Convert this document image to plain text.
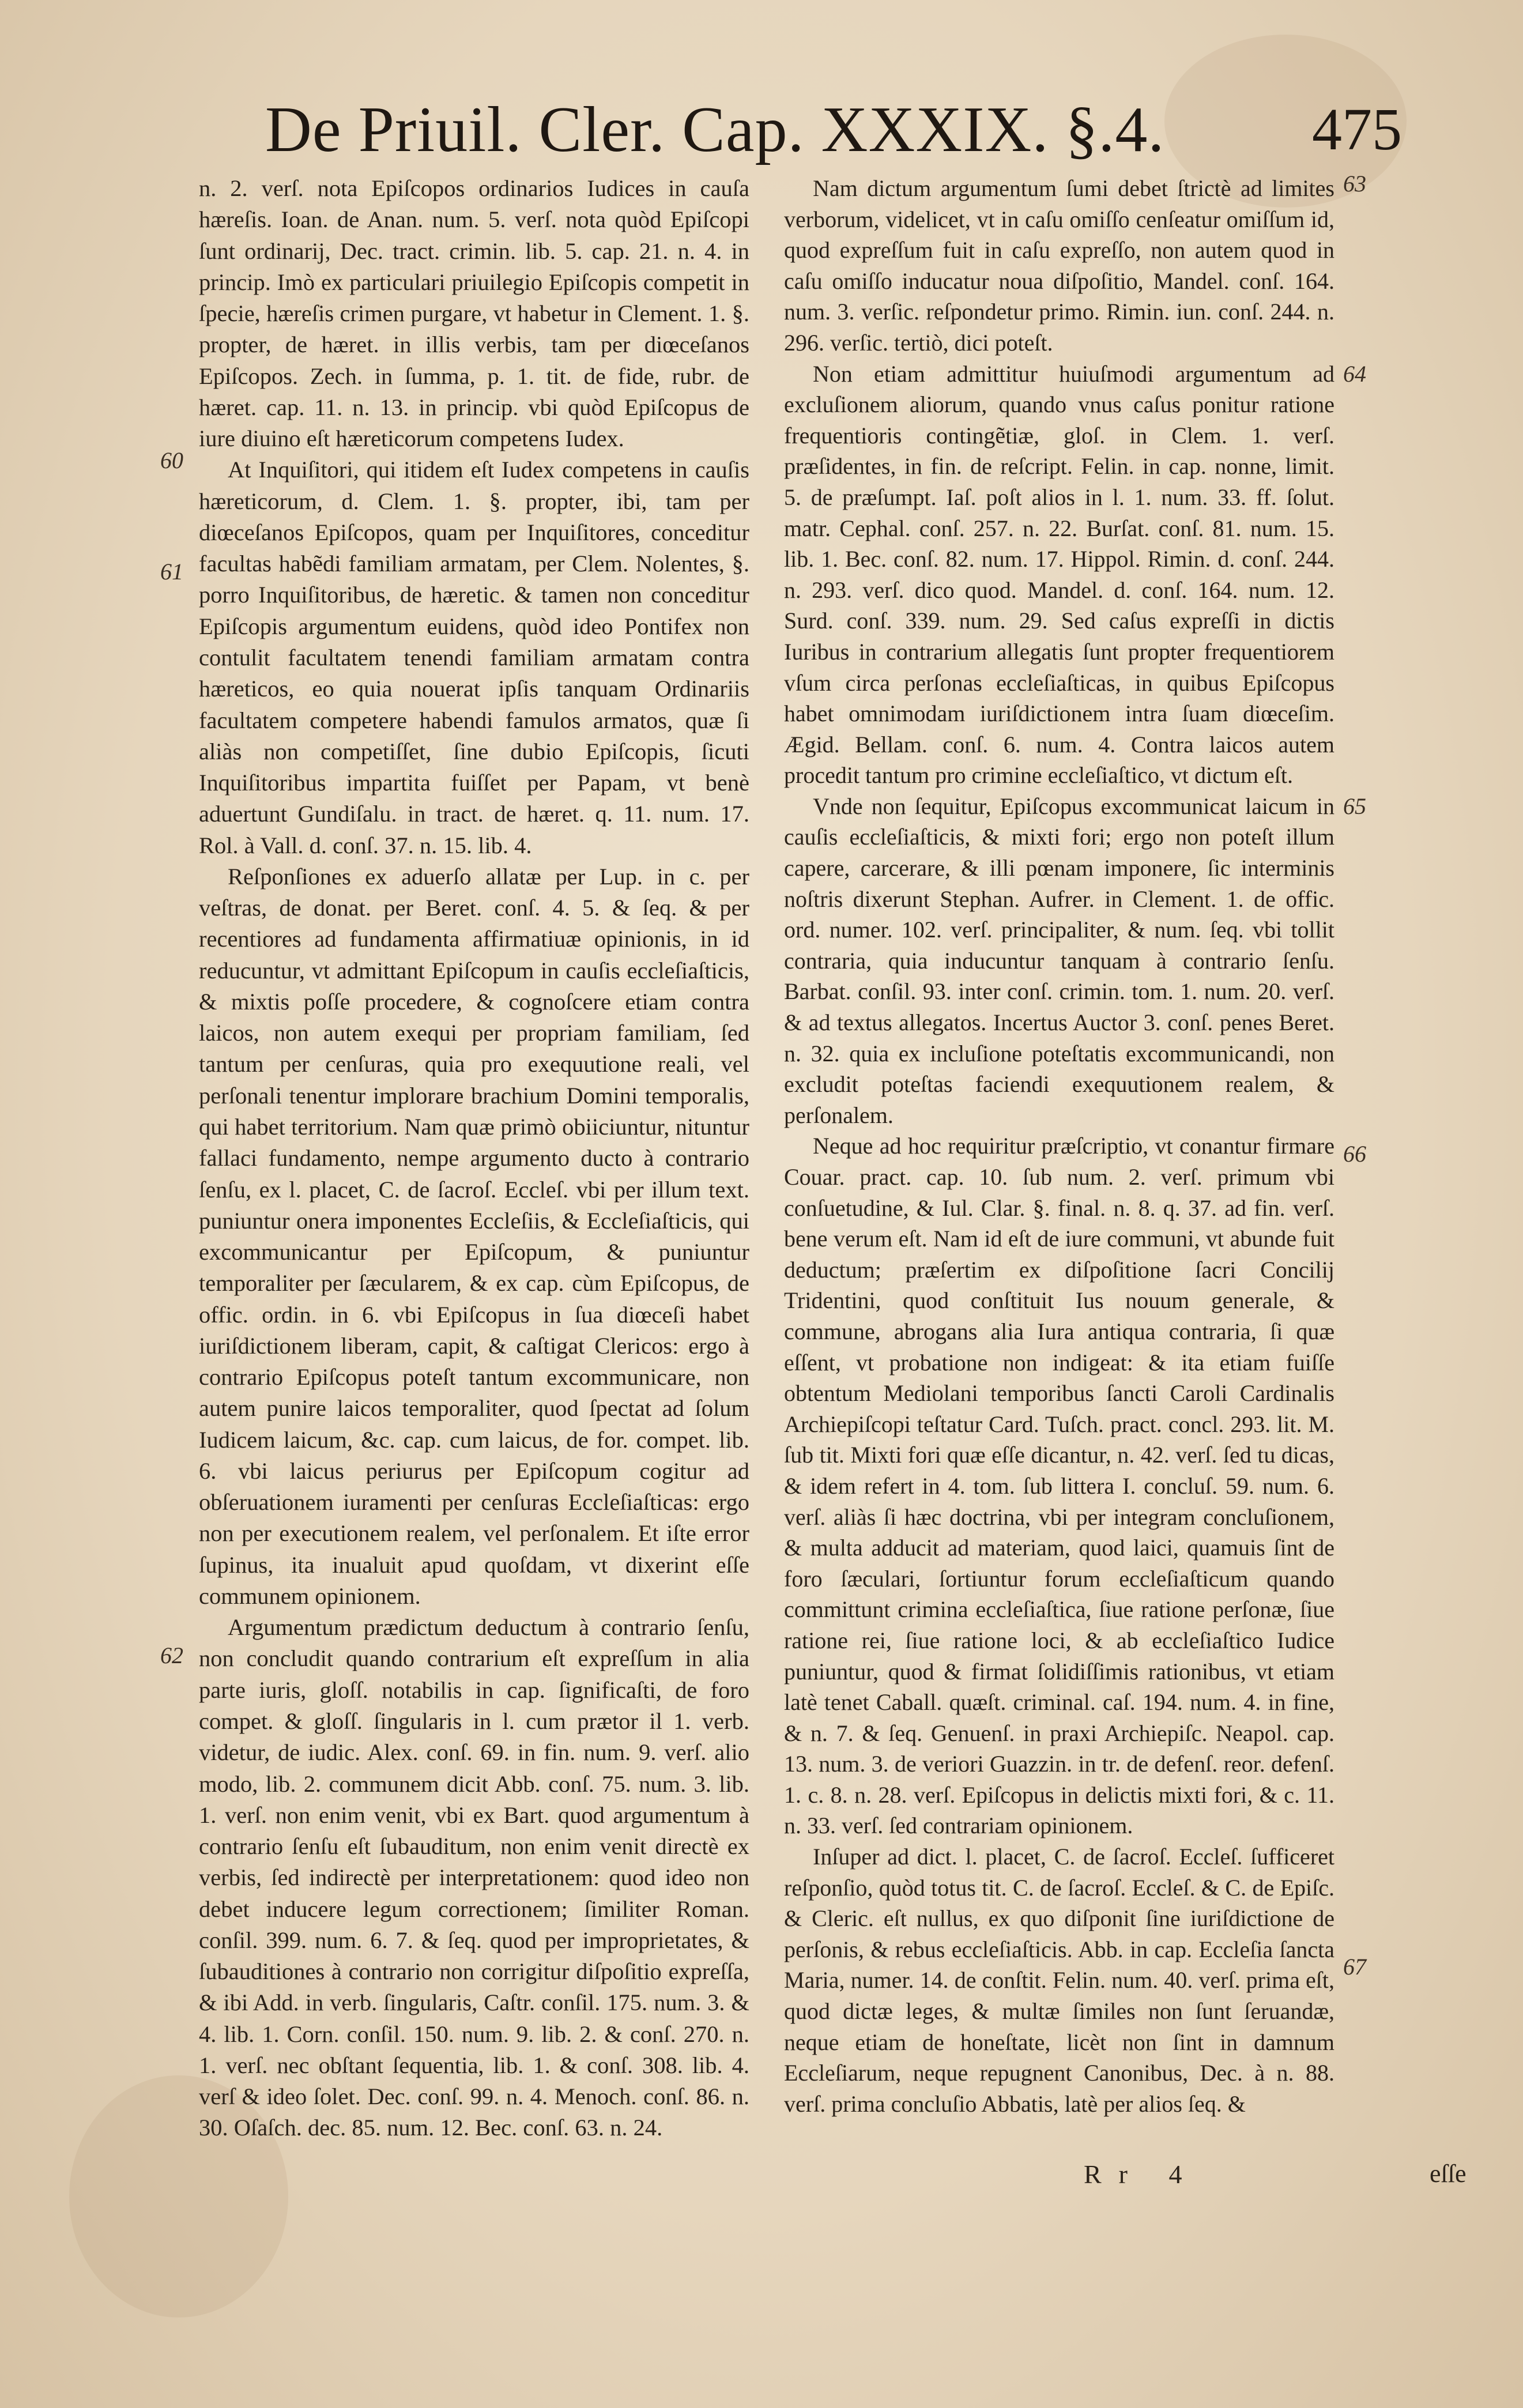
De Priuil. Cler. Cap. XXXIX. §.4. 475
60
61
62
63
64
65
66
67

n. 2. verſ. nota Epiſcopos ordinarios Iudices in cauſa hæreſis. Ioan. de Anan. num. 5. verſ. nota quòd Epiſcopi ſunt ordinarij, Dec. tract. crimin. lib. 5. cap. 21. n. 4. in princip. Imò ex particulari priuilegio Epiſcopis competit in ſpecie, hæreſis crimen purgare, vt habetur in Clement. 1. §. propter, de hæret. in illis verbis, tam per diœceſanos Epiſcopos. Zech. in ſumma, p. 1. tit. de fide, rubr. de hæret. cap. 11. n. 13. in princip. vbi quòd Epiſcopus de iure diuino eſt hæreticorum competens Iudex.

At Inquiſitori, qui itidem eſt Iudex competens in cauſis hæreticorum, d. Clem. 1. §. propter, ibi, tam per diœceſanos Epiſcopos, quam per Inquiſitores, conceditur facultas habẽdi familiam armatam, per Clem. Nolentes, §. porro Inquiſitoribus, de hæretic. & tamen non conceditur Epiſcopis argumentum euidens, quòd ideo Pontifex non contulit facultatem tenendi familiam armatam contra hæreticos, eo quia nouerat ipſis tanquam Ordinariis facultatem competere habendi famulos armatos, quæ ſi aliàs non competiſſet, ſine dubio Epiſcopis, ſicuti Inquiſitoribus impartita fuiſſet per Papam, vt benè aduertunt Gundiſalu. in tract. de hæret. q. 11. num. 17. Rol. à Vall. d. conſ. 37. n. 15. lib. 4.

Reſponſiones ex aduerſo allatæ per Lup. in c. per veſtras, de donat. per Beret. conſ. 4. 5. & ſeq. & per recentiores ad fundamenta affirmatiuæ opinionis, in id reducuntur, vt admittant Epiſcopum in cauſis eccleſiaſticis, & mixtis poſſe procedere, & cognoſcere etiam contra laicos, non autem exequi per propriam familiam, ſed tantum per cenſuras, quia pro exequutione reali, vel perſonali tenentur implorare brachium Domini temporalis, qui habet territorium. Nam quæ primò obiiciuntur, nituntur fallaci fundamento, nempe argumento ducto à contrario ſenſu, ex l. placet, C. de ſacroſ. Eccleſ. vbi per illum text. puniuntur onera imponentes Eccleſiis, & Eccleſiaſticis, qui excommunicantur per Epiſcopum, & puniuntur temporaliter per ſæcularem, & ex cap. cùm Epiſcopus, de offic. ordin. in 6. vbi Epiſcopus in ſua diœceſi habet iuriſdictionem liberam, capit, & caſtigat Clericos: ergo à contrario Epiſcopus poteſt tantum excommunicare, non autem punire laicos temporaliter, quod ſpectat ad ſolum Iudicem laicum, &c. cap. cum laicus, de for. compet. lib. 6. vbi laicus periurus per Epiſcopum cogitur ad obſeruationem iuramenti per cenſuras Eccleſiaſticas: ergo non per executionem realem, vel perſonalem. Et iſte error ſupinus, ita inualuit apud quoſdam, vt dixerint eſſe communem opinionem.

Argumentum prædictum deductum à contrario ſenſu, non concludit quando contrarium eſt expreſſum in alia parte iuris, gloſſ. notabilis in cap. ſignificaſti, de foro compet. & gloſſ. ſingularis in l. cum prætor il 1. verb. videtur, de iudic. Alex. conſ. 69. in fin. num. 9. verſ. alio modo, lib. 2. communem dicit Abb. conſ. 75. num. 3. lib. 1. verſ. non enim venit, vbi ex Bart. quod argumentum à contrario ſenſu eſt ſubauditum, non enim venit directè ex verbis, ſed indirectè per interpretationem: quod ideo non debet inducere legum correctionem; ſimiliter Roman. conſil. 399. num. 6. 7. & ſeq. quod per improprietates, & ſubauditiones à contrario non corrigitur diſpoſitio expreſſa, & ibi Add. in verb. ſingularis, Caſtr. conſil. 175. num. 3. & 4. lib. 1. Corn. conſil. 150. num. 9. lib. 2. & conſ. 270. n. 1. verſ. nec obſtant ſequentia, lib. 1. & conſ. 308. lib. 4. verſ & ideo ſolet. Dec. conſ. 99. n. 4. Menoch. conſ. 86. n. 30. Oſaſch. dec. 85. num. 12. Bec. conſ. 63. n. 24.

Nam dictum argumentum ſumi debet ſtrictè ad limites verborum, videlicet, vt in caſu omiſſo cenſeatur omiſſum id, quod expreſſum fuit in caſu expreſſo, non autem quod in caſu omiſſo inducatur noua diſpoſitio, Mandel. conſ. 164. num. 3. verſic. reſpondetur primo. Rimin. iun. conſ. 244. n. 296. verſic. tertiò, dici poteſt.

Non etiam admittitur huiuſmodi argumentum ad excluſionem aliorum, quando vnus caſus ponitur ratione frequentioris contingẽtiæ, gloſ. in Clem. 1. verſ. præſidentes, in fin. de reſcript. Felin. in cap. nonne, limit. 5. de præſumpt. Iaſ. poſt alios in l. 1. num. 33. ff. ſolut. matr. Cephal. conſ. 257. n. 22. Burſat. conſ. 81. num. 15. lib. 1. Bec. conſ. 82. num. 17. Hippol. Rimin. d. conſ. 244. n. 293. verſ. dico quod. Mandel. d. conſ. 164. num. 12. Surd. conſ. 339. num. 29. Sed caſus expreſſi in dictis Iuribus in contrarium allegatis ſunt propter frequentiorem vſum circa perſonas eccleſiaſticas, in quibus Epiſcopus habet omnimodam iuriſdictionem intra ſuam diœceſim. Ægid. Bellam. conſ. 6. num. 4. Contra laicos autem procedit tantum pro crimine eccleſiaſtico, vt dictum eſt.

Vnde non ſequitur, Epiſcopus excommunicat laicum in cauſis eccleſiaſticis, & mixti fori; ergo non poteſt illum capere, carcerare, & illi pœnam imponere, ſic interminis noſtris dixerunt Stephan. Aufrer. in Clement. 1. de offic. ord. numer. 102. verſ. principaliter, & num. ſeq. vbi tollit contraria, quia inducuntur tanquam à contrario ſenſu. Barbat. conſil. 93. inter conſ. crimin. tom. 1. num. 20. verſ. & ad textus allegatos. Incertus Auctor 3. conſ. penes Beret. n. 32. quia ex incluſione poteſtatis excommunicandi, non excludit poteſtas faciendi exequutionem realem, & perſonalem.

Neque ad hoc requiritur præſcriptio, vt conantur firmare Couar. pract. cap. 10. ſub num. 2. verſ. primum vbi conſuetudine, & Iul. Clar. §. final. n. 8. q. 37. ad fin. verſ. bene verum eſt. Nam id eſt de iure communi, vt abunde fuit deductum; præſertim ex diſpoſitione ſacri Concilij Tridentini, quod conſtituit Ius nouum generale, & commune, abrogans alia Iura antiqua contraria, ſi quæ eſſent, vt probatione non indigeat: & ita etiam fuiſſe obtentum Mediolani temporibus ſancti Caroli Cardinalis Archiepiſcopi teſtatur Card. Tuſch. pract. concl. 293. lit. M. ſub tit. Mixti fori quæ eſſe dicantur, n. 42. verſ. ſed tu dicas, & idem refert in 4. tom. ſub littera I. concluſ. 59. num. 6. verſ. aliàs ſi hæc doctrina, vbi per integram concluſionem, & multa adducit ad materiam, quod laici, quamuis ſint de foro ſæculari, ſortiuntur forum eccleſiaſticum quando committunt crimina eccleſiaſtica, ſiue ratione perſonæ, ſiue ratione rei, ſiue ratione loci, & ab eccleſiaſtico Iudice puniuntur, quod & firmat ſolidiſſimis rationibus, vt etiam latè tenet Caball. quæſt. criminal. caſ. 194. num. 4. in fine, & n. 7. & ſeq. Genuenſ. in praxi Archiepiſc. Neapol. cap. 13. num. 3. de veriori Guazzin. in tr. de defenſ. reor. defenſ. 1. c. 8. n. 28. verſ. Epiſcopus in delictis mixti fori, & c. 11. n. 33. verſ. ſed contrariam opinionem.

Inſuper ad dict. l. placet, C. de ſacroſ. Eccleſ. ſufficeret reſponſio, quòd totus tit. C. de ſacroſ. Eccleſ. & C. de Epiſc. & Cleric. eſt nullus, ex quo diſponit ſine iuriſdictione de perſonis, & rebus eccleſiaſticis. Abb. in cap. Eccleſia ſancta Maria, numer. 14. de conſtit. Felin. num. 40. verſ. prima eſt, quod dictæ leges, & multæ ſimiles non ſunt ſeruandæ, neque etiam de honeſtate, licèt non ſint in damnum Eccleſiarum, neque repugnent Canonibus, Dec. à n. 88. verſ. prima concluſio Abbatis, latè per alios ſeq. &

Rr 4	eſſe
